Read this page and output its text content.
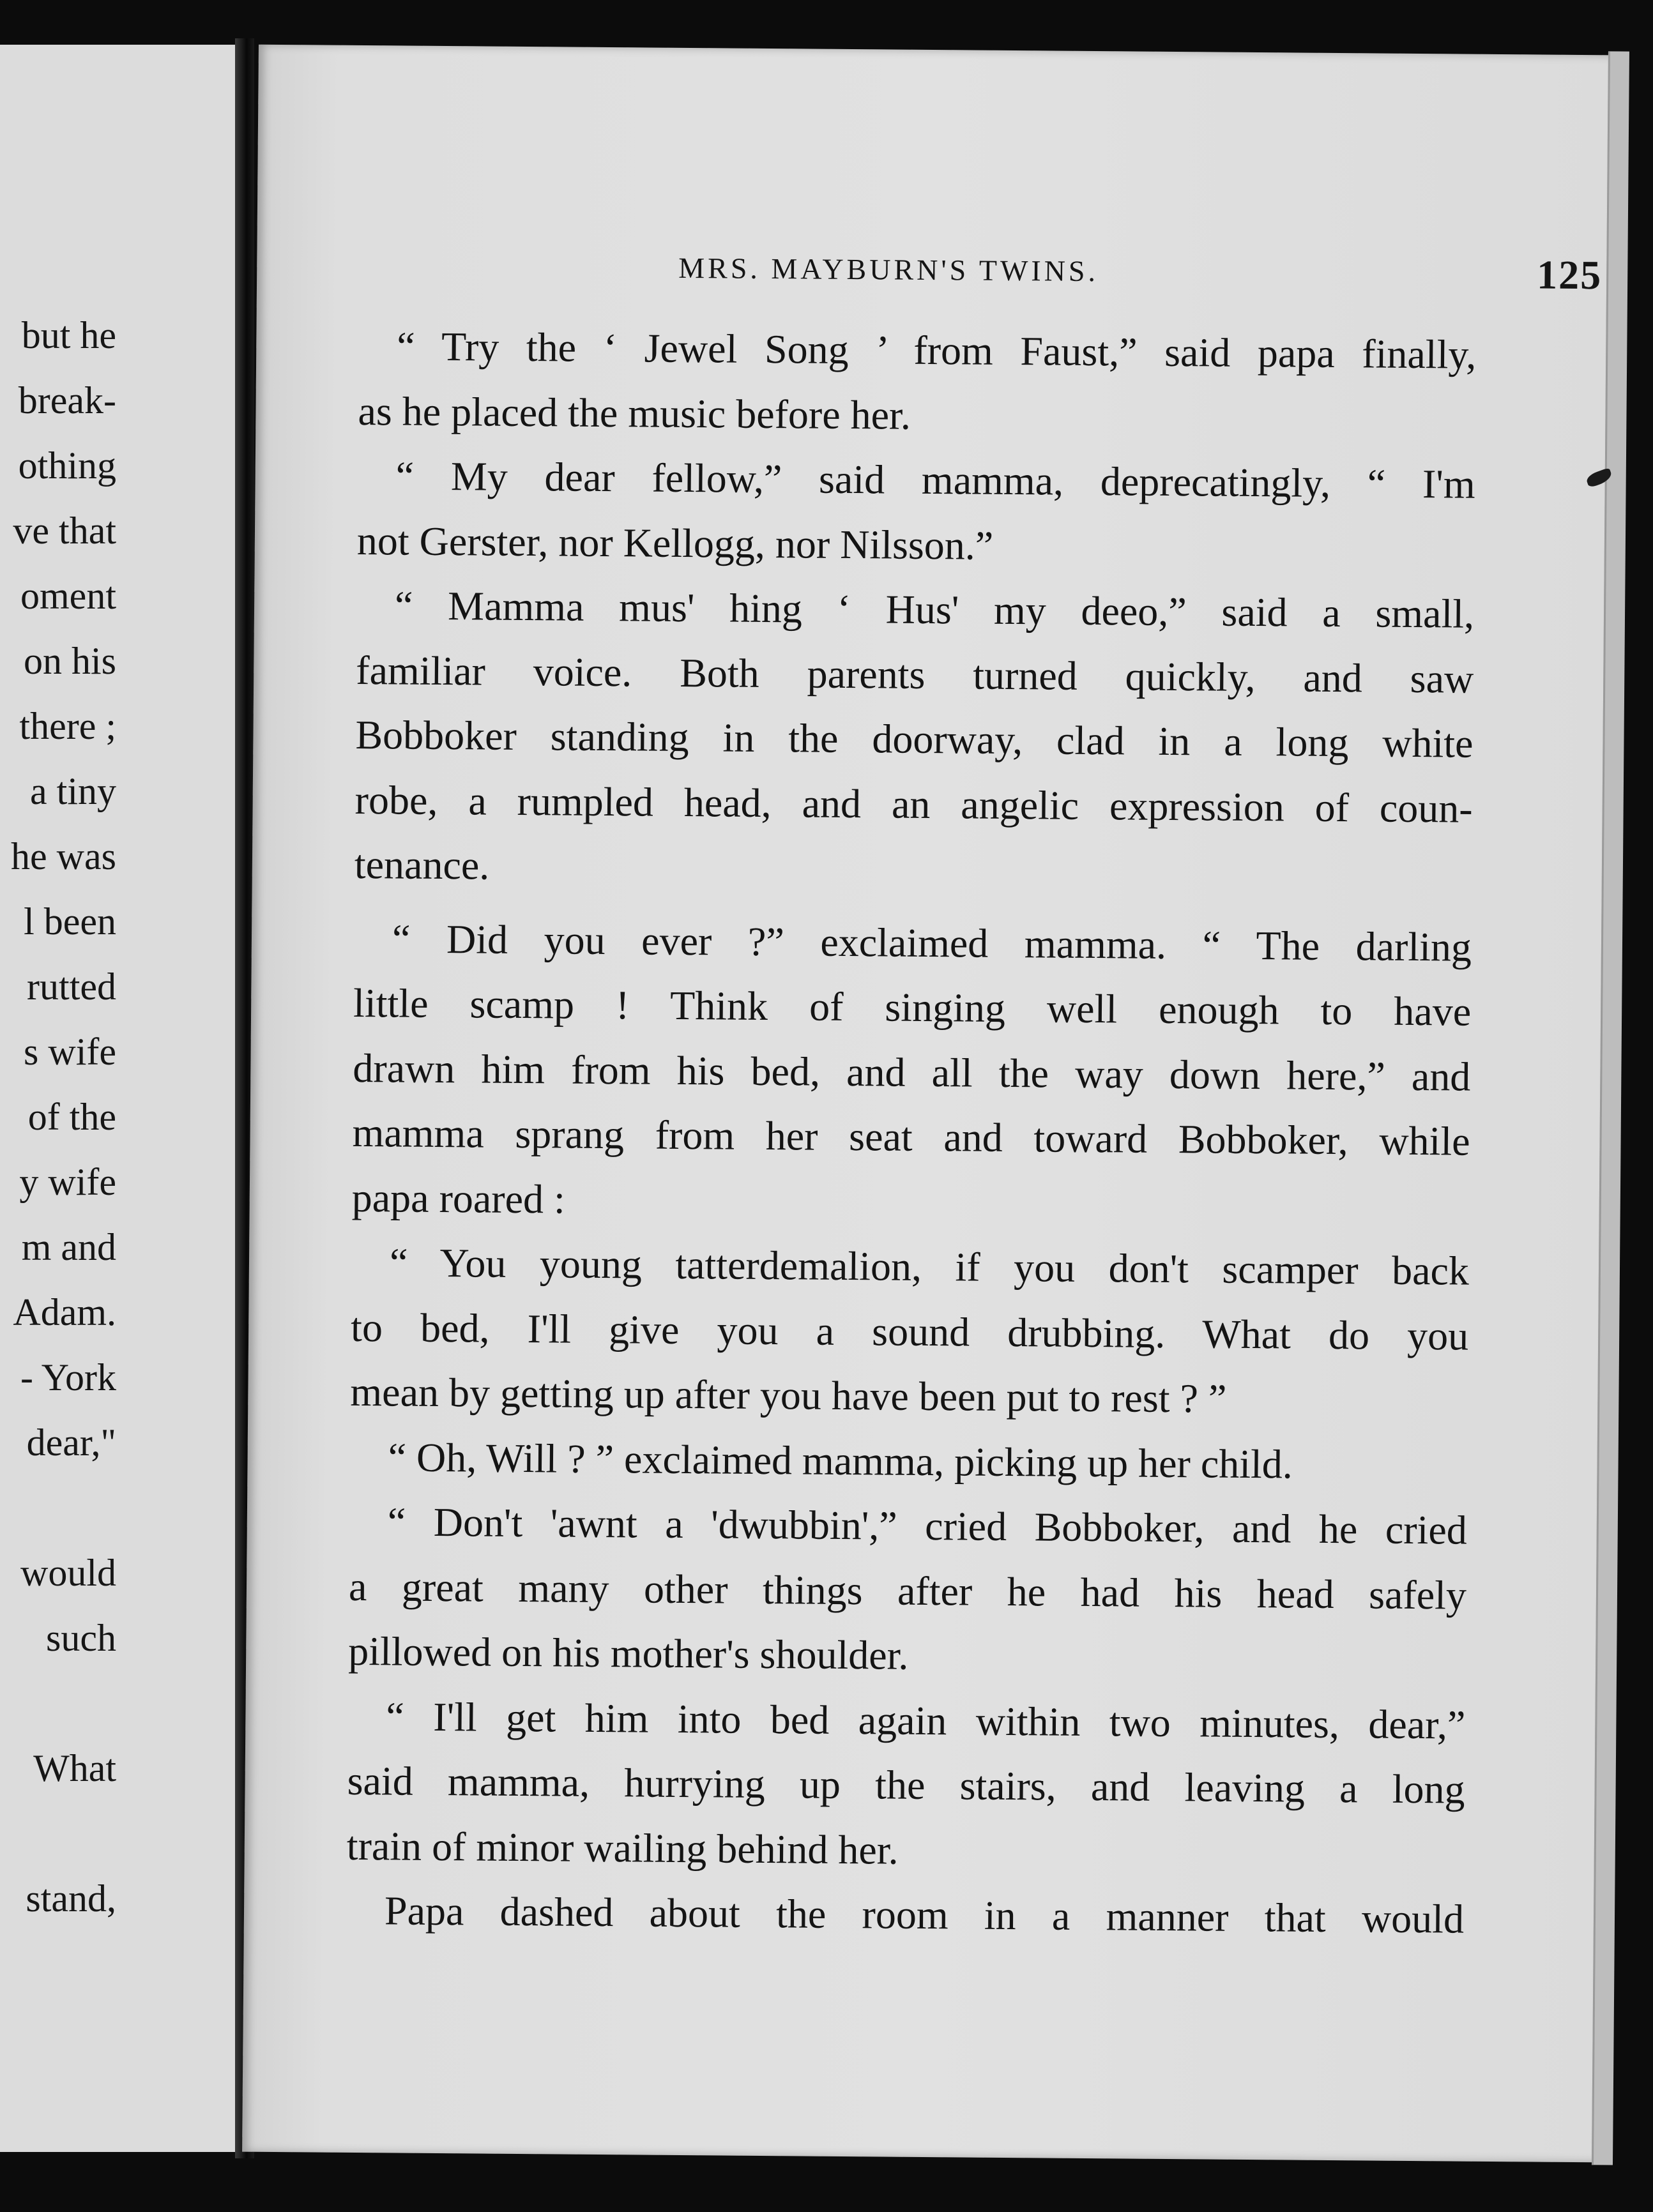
but he
break-
othing
ve that
oment
on his
there ;
a tiny
he was
l been
rutted
s wife
of the
y wife
m and
Adam.
- York
dear,"
would
such
What
stand,
MRS. MAYBURN'S TWINS.	125
“ Try the ‘ Jewel Song ’ from Faust,” said papa finally,
as he placed the music before her.
“ My dear fellow,” said mamma, deprecatingly, “ I'm
not Gerster, nor Kellogg, nor Nilsson.”
“ Mamma mus' hing ‘ Hus' my deeo,” said a small,
familiar voice. Both parents turned quickly, and saw
Bobboker standing in the doorway, clad in a long white
robe, a rumpled head, and an angelic expression of coun-
tenance.
“ Did you ever ?” exclaimed mamma. “ The darling
little scamp ! Think of singing well enough to have
drawn him from his bed, and all the way down here,” and
mamma sprang from her seat and toward Bobboker, while
papa roared :
“ You young tatterdemalion, if you don't scamper back
to bed, I'll give you a sound drubbing. What do you
mean by getting up after you have been put to rest ? ”
“ Oh, Will ? ” exclaimed mamma, picking up her child.
“ Don't 'awnt a 'dwubbin',” cried Bobboker, and he cried
a great many other things after he had his head safely
pillowed on his mother's shoulder.
“ I'll get him into bed again within two minutes, dear,”
said mamma, hurrying up the stairs, and leaving a long
train of minor wailing behind her.
Papa dashed about the room in a manner that would
